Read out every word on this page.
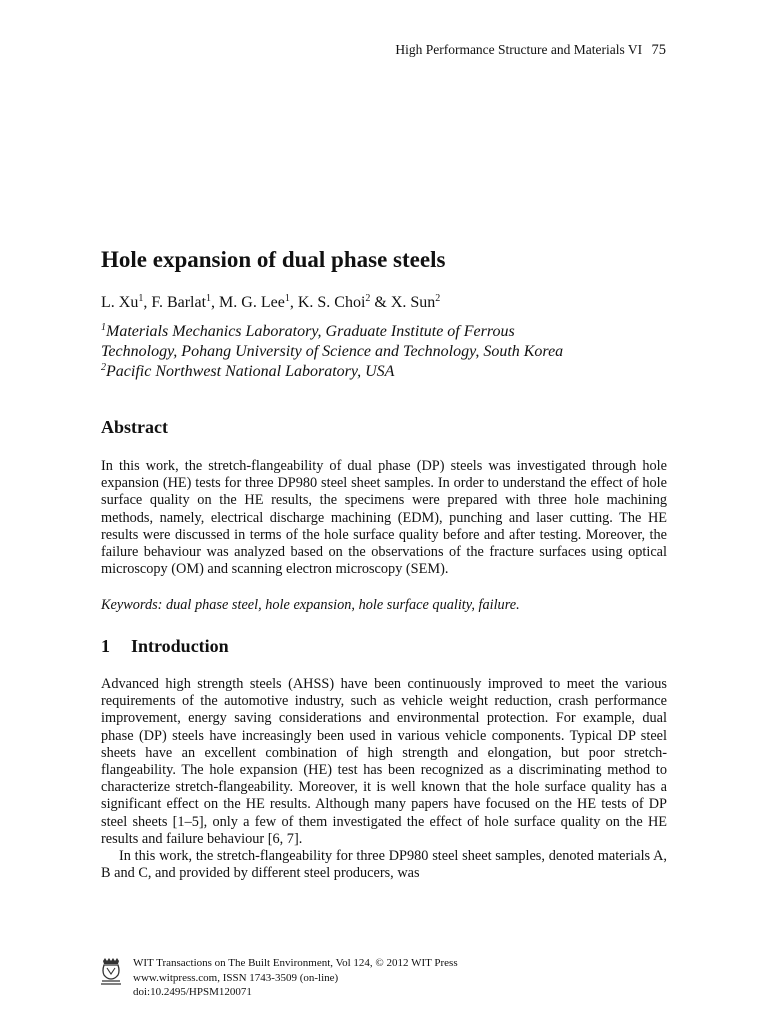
High Performance Structure and Materials VI 75
Hole expansion of dual phase steels
L. Xu$^1$, F. Barlat$^1$, M. G. Lee$^1$, K. S. Choi$^2$ & X. Sun$^2$
$^1$Materials Mechanics Laboratory, Graduate Institute of Ferrous
Technology, Pohang University of Science and Technology, South Korea
$^2$Pacific Northwest National Laboratory, USA
Abstract

In this work, the stretch-flangeability of dual phase (DP) steels was investigated through hole expansion (HE) tests for three DP980 steel sheet samples. In order to understand the effect of hole surface quality on the HE results, the specimens were prepared with three hole machining methods, namely, electrical discharge machining (EDM), punching and laser cutting. The HE results were discussed in terms of the hole surface quality before and after testing. Moreover, the failure behaviour was analyzed based on the observations of the fracture surfaces using optical microscopy (OM) and scanning electron microscopy (SEM).

Keywords: dual phase steel, hole expansion, hole surface quality, failure.
1 Introduction

Advanced high strength steels (AHSS) have been continuously improved to meet the various requirements of the automotive industry, such as vehicle weight reduction, crash performance improvement, energy saving considerations and environmental protection. For example, dual phase (DP) steels have increasingly been used in various vehicle components. Typical DP steel sheets have an excellent combination of high strength and elongation, but poor stretch-flangeability. The hole expansion (HE) test has been recognized as a discriminating method to characterize stretch-flangeability. Moreover, it is well known that the hole surface quality has a significant effect on the HE results. Although many papers have focused on the HE tests of DP steel sheets [1–5], only a few of them investigated the effect of hole surface quality on the HE results and failure behaviour [6, 7].

In this work, the stretch-flangeability for three DP980 steel sheet samples, denoted materials A, B and C, and provided by different steel producers, was

WIT Transactions on The Built Environment, Vol 124, © 2012 WIT Press
www.witpress.com, ISSN 1743-3509 (on-line)
doi:10.2495/HPSM120071
